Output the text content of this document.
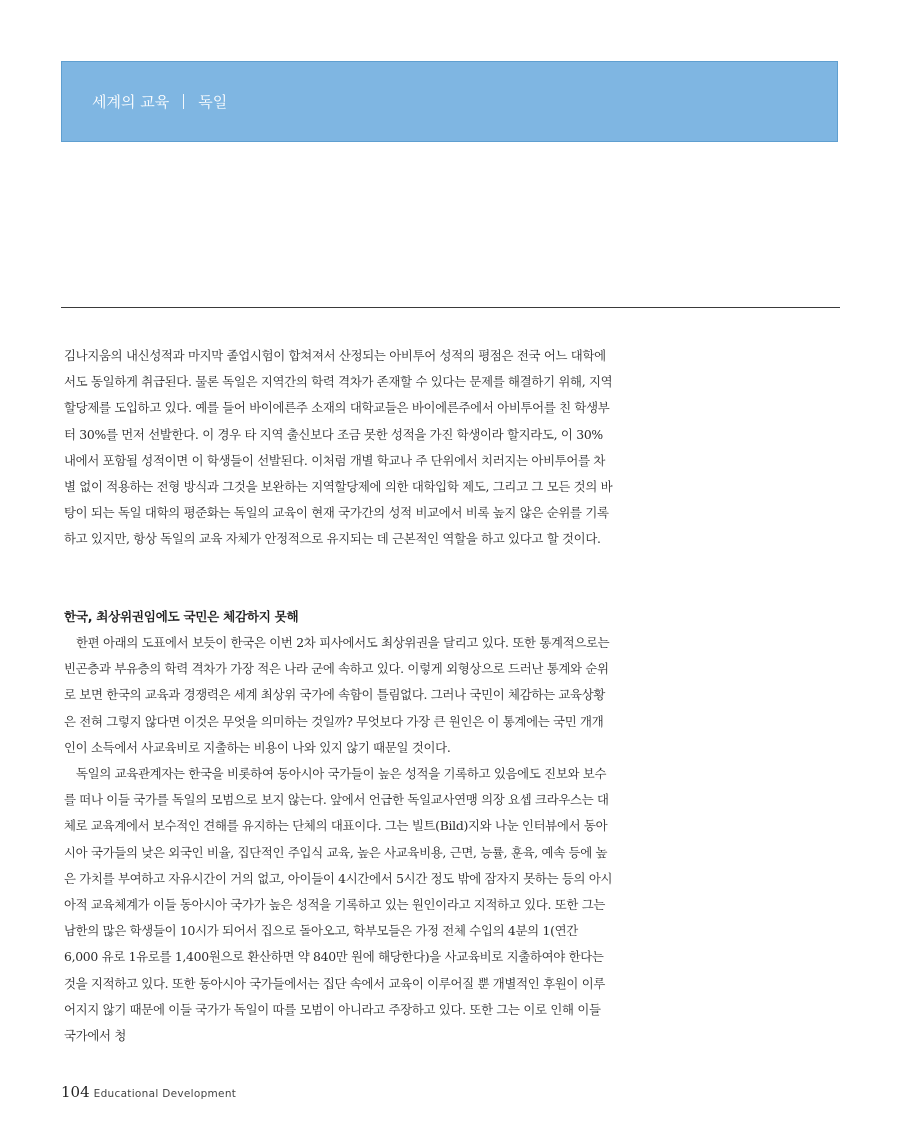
세계의 교육 독일

김나지움의 내신성적과 마지막 졸업시험이 합쳐져서 산정되는 아비투어 성적의 평점은 전국 어느 대학에서도 동일하게 취급된다. 물론 독일은 지역간의 학력 격차가 존재할 수 있다는 문제를 해결하기 위해, 지역할당제를 도입하고 있다. 예를 들어 바이에른주 소재의 대학교들은 바이에른주에서 아비투어를 친 학생부터 30%를 먼저 선발한다. 이 경우 타 지역 출신보다 조금 못한 성적을 가진 학생이라 할지라도, 이 30% 내에서 포함될 성적이면 이 학생들이 선발된다. 이처럼 개별 학교나 주 단위에서 치러지는 아비투어를 차별 없이 적용하는 전형 방식과 그것을 보완하는 지역할당제에 의한 대학입학 제도, 그리고 그 모든 것의 바탕이 되는 독일 대학의 평준화는 독일의 교육이 현재 국가간의 성적 비교에서 비록 높지 않은 순위를 기록하고 있지만, 항상 독일의 교육 자체가 안정적으로 유지되는 데 근본적인 역할을 하고 있다고 할 것이다.

한국, 최상위권임에도 국민은 체감하지 못해

한편 아래의 도표에서 보듯이 한국은 이번 2차 피사에서도 최상위권을 달리고 있다. 또한 통계적으로는 빈곤층과 부유층의 학력 격차가 가장 적은 나라 군에 속하고 있다. 이렇게 외형상으로 드러난 통계와 순위로 보면 한국의 교육과 경쟁력은 세계 최상위 국가에 속함이 틀림없다. 그러나 국민이 체감하는 교육상황은 전혀 그렇지 않다면 이것은 무엇을 의미하는 것일까? 무엇보다 가장 큰 원인은 이 통계에는 국민 개개인이 소득에서 사교육비로 지출하는 비용이 나와 있지 않기 때문일 것이다.

독일의 교육관계자는 한국을 비롯하여 동아시아 국가들이 높은 성적을 기록하고 있음에도 진보와 보수를 떠나 이들 국가를 독일의 모범으로 보지 않는다. 앞에서 언급한 독일교사연맹 의장 요셉 크라우스는 대체로 교육계에서 보수적인 견해를 유지하는 단체의 대표이다. 그는 빌트(Bild)지와 나눈 인터뷰에서 동아시아 국가들의 낮은 외국인 비율, 집단적인 주입식 교육, 높은 사교육비용, 근면, 능률, 훈육, 예속 등에 높은 가치를 부여하고 자유시간이 거의 없고, 아이들이 4시간에서 5시간 정도 밖에 잠자지 못하는 등의 아시아적 교육체계가 이들 동아시아 국가가 높은 성적을 기록하고 있는 원인이라고 지적하고 있다. 또한 그는 남한의 많은 학생들이 10시가 되어서 집으로 돌아오고, 학부모들은 가정 전체 수입의 4분의 1(연간 6,000 유로 1유로를 1,400원으로 환산하면 약 840만 원에 해당한다)을 사교육비로 지출하여야 한다는 것을 지적하고 있다. 또한 동아시아 국가들에서는 집단 속에서 교육이 이루어질 뿐 개별적인 후원이 이루어지지 않기 때문에 이들 국가가 독일이 따를 모범이 아니라고 주장하고 있다. 또한 그는 이로 인해 이들 국가에서 청

104 Educational Development
